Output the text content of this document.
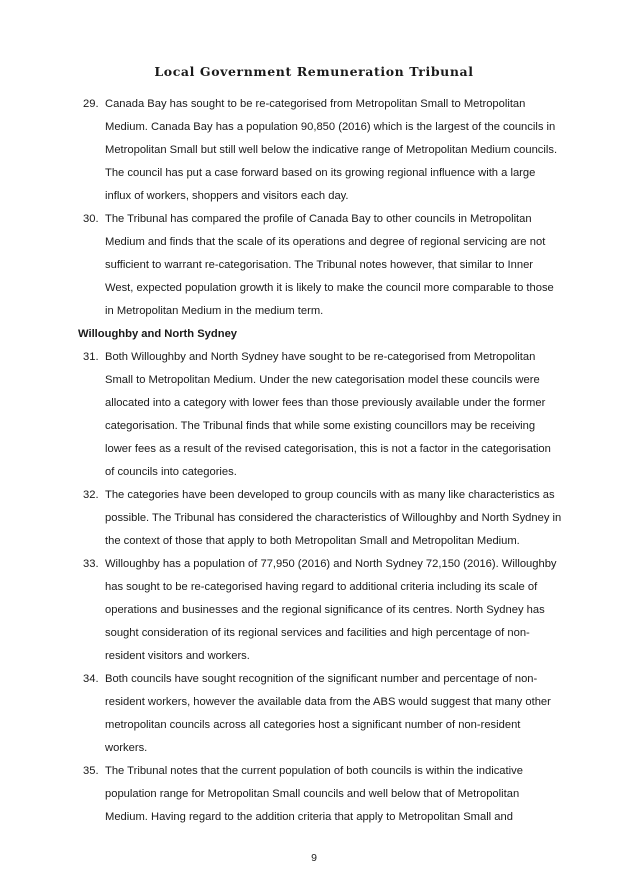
Local Government Remuneration Tribunal

29. Canada Bay has sought to be re-categorised from Metropolitan Small to Metropolitan Medium. Canada Bay has a population 90,850 (2016) which is the largest of the councils in Metropolitan Small but still well below the indicative range of Metropolitan Medium councils. The council has put a case forward based on its growing regional influence with a large influx of workers, shoppers and visitors each day.

30. The Tribunal has compared the profile of Canada Bay to other councils in Metropolitan Medium and finds that the scale of its operations and degree of regional servicing are not sufficient to warrant re-categorisation. The Tribunal notes however, that similar to Inner West, expected population growth it is likely to make the council more comparable to those in Metropolitan Medium in the medium term.

Willoughby and North Sydney

31. Both Willoughby and North Sydney have sought to be re-categorised from Metropolitan Small to Metropolitan Medium. Under the new categorisation model these councils were allocated into a category with lower fees than those previously available under the former categorisation. The Tribunal finds that while some existing councillors may be receiving lower fees as a result of the revised categorisation, this is not a factor in the categorisation of councils into categories.

32. The categories have been developed to group councils with as many like characteristics as possible. The Tribunal has considered the characteristics of Willoughby and North Sydney in the context of those that apply to both Metropolitan Small and Metropolitan Medium.

33. Willoughby has a population of 77,950 (2016) and North Sydney 72,150 (2016). Willoughby has sought to be re-categorised having regard to additional criteria including its scale of operations and businesses and the regional significance of its centres. North Sydney has sought consideration of its regional services and facilities and high percentage of non-resident visitors and workers.

34. Both councils have sought recognition of the significant number and percentage of non-resident workers, however the available data from the ABS would suggest that many other metropolitan councils across all categories host a significant number of non-resident workers.

35. The Tribunal notes that the current population of both councils is within the indicative population range for Metropolitan Small councils and well below that of Metropolitan Medium. Having regard to the addition criteria that apply to Metropolitan Small and

9
